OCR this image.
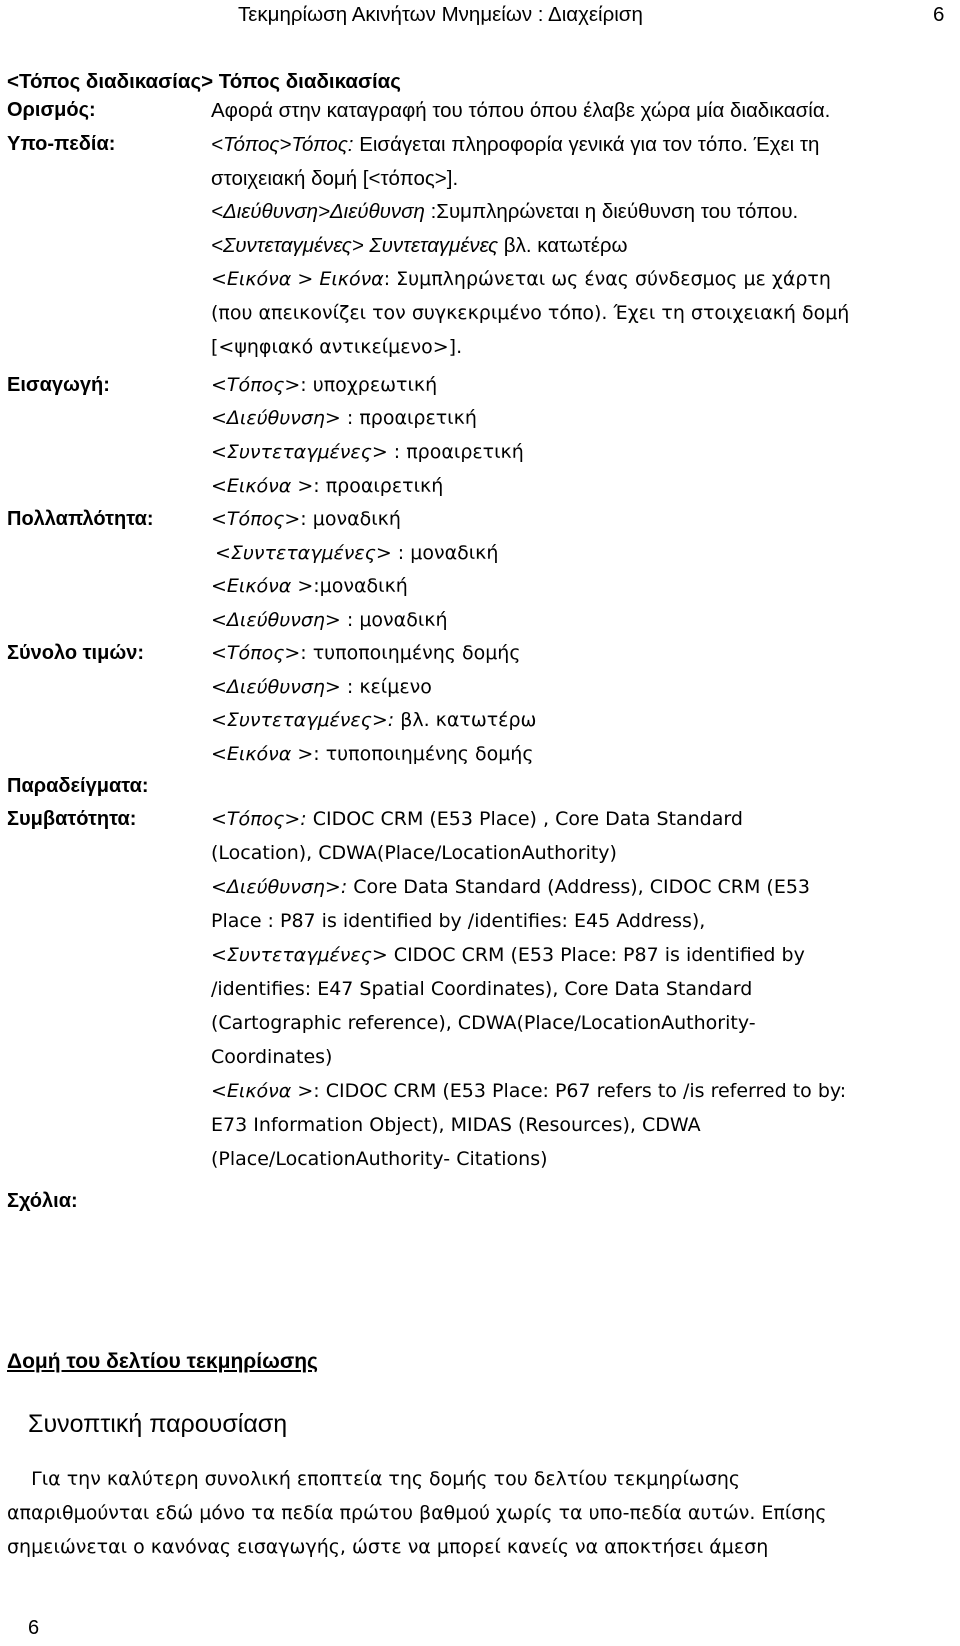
Τεκμηρίωση Ακινήτων Μνημείων : Διαχείριση	6
<Τόπος διαδικασίας> Τόπος διαδικασίας
Ορισμός:
Υπο-πεδία:
Εισαγωγή:
Πολλαπλότητα:
Σύνολο τιμών:
Παραδείγματα:
Συμβατότητα:
Σχόλια:
Αφορά στην καταγραφή του τόπου όπου έλαβε χώρα μία διαδικασία.
<Τόπος>Τόπος: Εισάγεται πληροφορία γενικά για τον τόπο. Έχει τη
στοιχειακή δομή [<τόπος>].
<Διεύθυνση>Διεύθυνση :Συμπληρώνεται η διεύθυνση του τόπου.
<Συντεταγμένες> Συντεταγμένες βλ. κατωτέρω
<Εικόνα > Εικόνα: Συμπληρώνεται ως ένας σύνδεσμος με χάρτη
(που απεικονίζει τον συγκεκριμένο τόπο). Έχει τη στοιχειακή δομή
[<ψηφιακό αντικείμενο>].
<Τόπος>: υποχρεωτική
<Διεύθυνση> : προαιρετική
<Συντεταγμένες> : προαιρετική
<Εικόνα >: προαιρετική
<Τόπος>: μοναδική
<Συντεταγμένες> : μοναδική
<Εικόνα >:μοναδική
<Διεύθυνση> : μοναδική
<Τόπος>: τυποποιημένης δομής
<Διεύθυνση> : κείμενο
<Συντεταγμένες>: βλ. κατωτέρω
<Εικόνα >: τυποποιημένης δομής
<Τόπος>: CIDOC CRM (E53 Place) , Core Data Standard
(Location), CDWA(Place/LocationAuthority)
<Διεύθυνση>: Core Data Standard (Address), CIDOC CRM (E53
Place : P87 is identified by /identifies: E45 Address),
<Συντεταγμένες> CIDOC CRM (E53 Place: P87 is identified by
/identifies: E47 Spatial Coordinates), Core Data Standard
(Cartographic reference), CDWA(Place/LocationAuthority-
Coordinates)
<Εικόνα >: CIDOC CRM (E53 Place: P67 refers to /is referred to by:
E73 Information Object), MIDAS (Resources), CDWA
(Place/LocationAuthority- Citations)
Δομή του δελτίου τεκμηρίωσης
Συνοπτική παρουσίαση
Για την καλύτερη συνολική εποπτεία της δομής του δελτίου τεκμηρίωσης
απαριθμούνται εδώ μόνο τα πεδία πρώτου βαθμού χωρίς τα υπο-πεδία αυτών. Επίσης
σημειώνεται ο κανόνας εισαγωγής, ώστε να μπορεί κανείς να αποκτήσει άμεση
6
